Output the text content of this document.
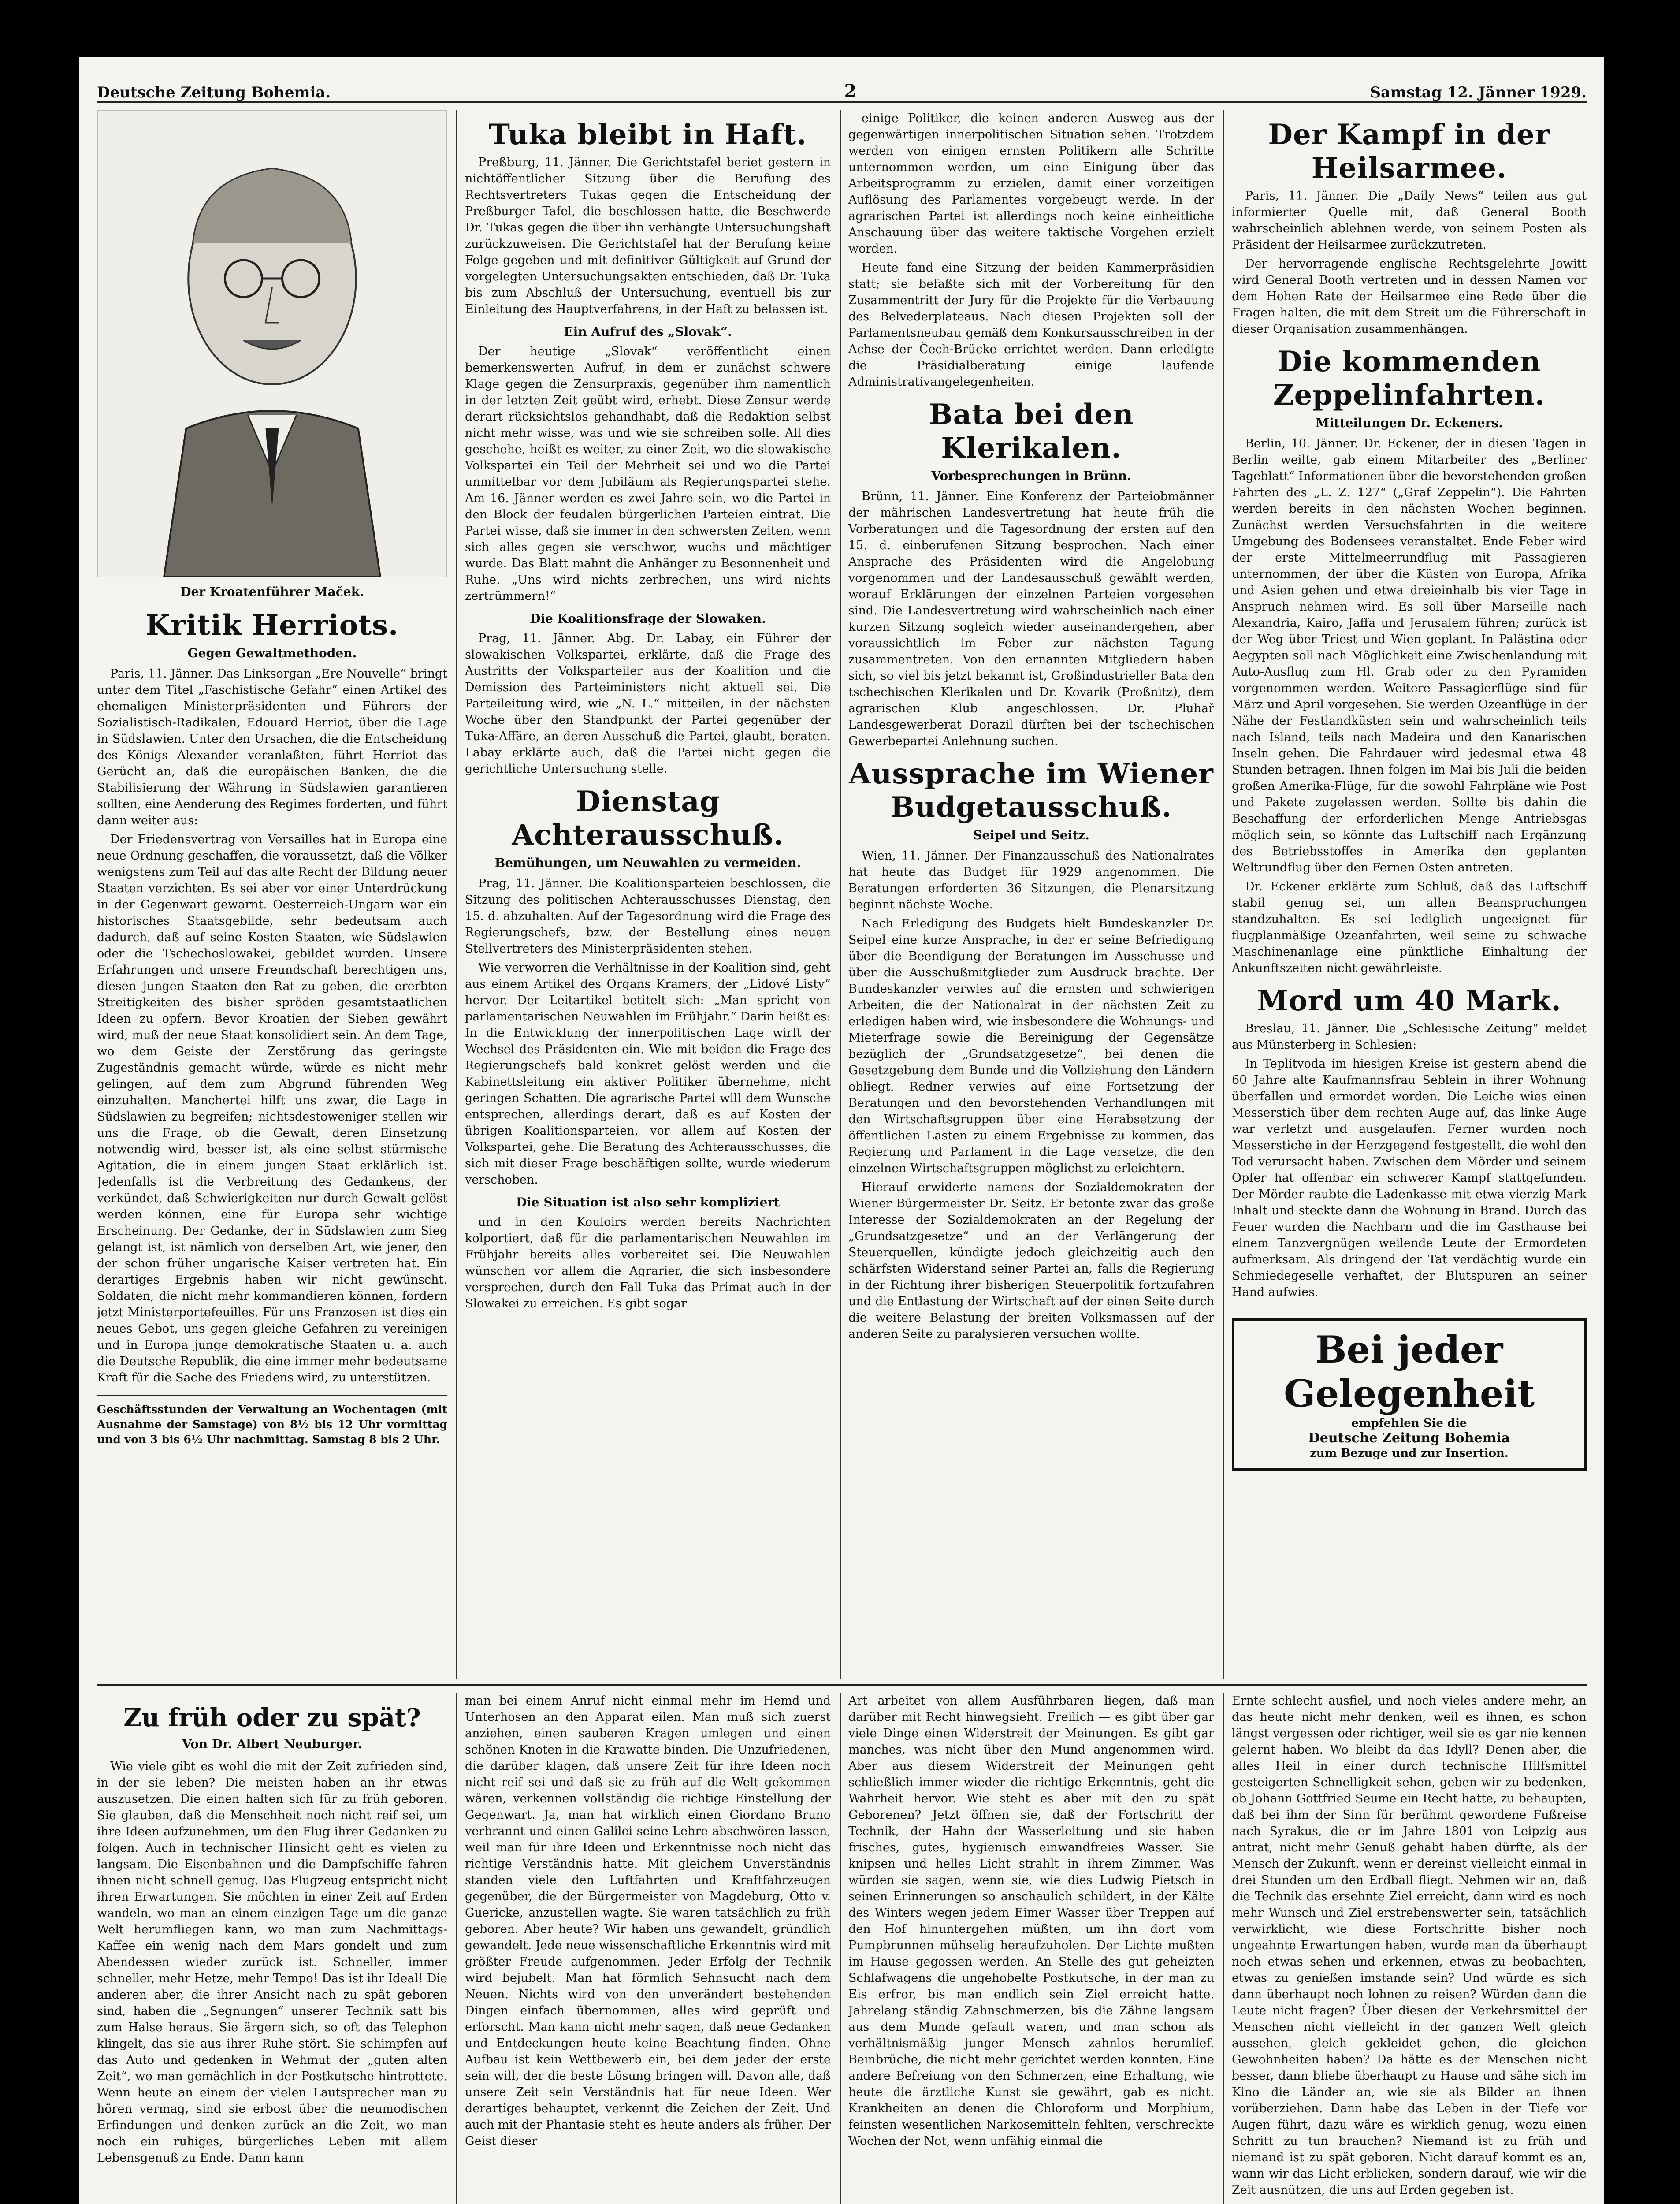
Deutsche Zeitung Bohemia.	2	Samstag 12. Jänner 1929.
Der Kroatenführer Maček.
Kritik Herriots.
Gegen Gewaltmethoden.

Paris, 11. Jänner. Das Linksorgan „Ere Nouvelle“ bringt unter dem Titel „Faschistische Gefahr“ einen Artikel des ehemaligen Ministerpräsidenten und Führers der Sozialistisch-Radikalen, Edouard Herriot, über die Lage in Südslawien. Unter den Ursachen, die die Entscheidung des Königs Alexander veranlaßten, führt Herriot das Gerücht an, daß die europäischen Banken, die die Stabilisierung der Währung in Südslawien garantieren sollten, eine Aenderung des Regimes forderten, und führt dann weiter aus:

Der Friedensvertrag von Versailles hat in Europa eine neue Ordnung geschaffen, die voraussetzt, daß die Völker wenigstens zum Teil auf das alte Recht der Bildung neuer Staaten verzichten. Es sei aber vor einer Unterdrückung in der Gegenwart gewarnt. Oesterreich-Ungarn war ein historisches Staatsgebilde, sehr bedeutsam auch dadurch, daß auf seine Kosten Staaten, wie Südslawien oder die Tschechoslowakei, gebildet wurden. Unsere Erfahrungen und unsere Freundschaft berechtigen uns, diesen jungen Staaten den Rat zu geben, die ererbten Streitigkeiten des bisher spröden gesamtstaatlichen Ideen zu opfern. Bevor Kroatien der Sieben gewährt wird, muß der neue Staat konsolidiert sein. An dem Tage, wo dem Geiste der Zerstörung das geringste Zugeständnis gemacht würde, würde es nicht mehr gelingen, auf dem zum Abgrund führenden Weg einzuhalten. Manchertei hilft uns zwar, die Lage in Südslawien zu begreifen; nichtsdestoweniger stellen wir uns die Frage, ob die Gewalt, deren Einsetzung notwendig wird, besser ist, als eine selbst stürmische Agitation, die in einem jungen Staat erklärlich ist. Jedenfalls ist die Verbreitung des Gedankens, der verkündet, daß Schwierigkeiten nur durch Gewalt gelöst werden können, eine für Europa sehr wichtige Erscheinung. Der Gedanke, der in Südslawien zum Sieg gelangt ist, ist nämlich von derselben Art, wie jener, den der schon früher ungarische Kaiser vertreten hat. Ein derartiges Ergebnis haben wir nicht gewünscht. Soldaten, die nicht mehr kommandieren können, fordern jetzt Ministerportefeuilles. Für uns Franzosen ist dies ein neues Gebot, uns gegen gleiche Gefahren zu vereinigen und in Europa junge demokratische Staaten u. a. auch die Deutsche Republik, die eine immer mehr bedeutsame Kraft für die Sache des Friedens wird, zu unterstützen.

Geschäftsstunden der Verwaltung an Wochentagen (mit Ausnahme der Samstage) von 8½ bis 12 Uhr vormittag und von 3 bis 6½ Uhr nachmittag. Samstag 8 bis 2 Uhr.
Tuka bleibt in Haft.

Preßburg, 11. Jänner. Die Gerichtstafel beriet gestern in nichtöffentlicher Sitzung über die Berufung des Rechtsvertreters Tukas gegen die Entscheidung der Preßburger Tafel, die beschlossen hatte, die Beschwerde Dr. Tukas gegen die über ihn verhängte Untersuchungshaft zurückzuweisen. Die Gerichtstafel hat der Berufung keine Folge gegeben und mit definitiver Gültigkeit auf Grund der vorgelegten Untersuchungsakten entschieden, daß Dr. Tuka bis zum Abschluß der Untersuchung, eventuell bis zur Einleitung des Hauptverfahrens, in der Haft zu belassen ist.

Ein Aufruf des „Slovak“.

Der heutige „Slovak“ veröffentlicht einen bemerkenswerten Aufruf, in dem er zunächst schwere Klage gegen die Zensurpraxis, gegenüber ihm namentlich in der letzten Zeit geübt wird, erhebt. Diese Zensur werde derart rücksichtslos gehandhabt, daß die Redaktion selbst nicht mehr wisse, was und wie sie schreiben solle. All dies geschehe, heißt es weiter, zu einer Zeit, wo die slowakische Volkspartei ein Teil der Mehrheit sei und wo die Partei unmittelbar vor dem Jubiläum als Regierungspartei stehe. Am 16. Jänner werden es zwei Jahre sein, wo die Partei in den Block der feudalen bürgerlichen Parteien eintrat. Die Partei wisse, daß sie immer in den schwersten Zeiten, wenn sich alles gegen sie verschwor, wuchs und mächtiger wurde. Das Blatt mahnt die Anhänger zu Besonnenheit und Ruhe. „Uns wird nichts zerbrechen, uns wird nichts zertrümmern!“

Die Koalitionsfrage der Slowaken.

Prag, 11. Jänner. Abg. Dr. Labay, ein Führer der slowakischen Volkspartei, erklärte, daß die Frage des Austritts der Volksparteiler aus der Koalition und die Demission des Parteiministers nicht aktuell sei. Die Parteileitung wird, wie „N. L.“ mitteilen, in der nächsten Woche über den Standpunkt der Partei gegenüber der Tuka-Affäre, an deren Ausschuß die Partei, glaubt, beraten. Labay erklärte auch, daß die Partei nicht gegen die gerichtliche Untersuchung stelle.

Dienstag Achterausschuß.
Bemühungen, um Neuwahlen zu vermeiden.

Prag, 11. Jänner. Die Koalitionsparteien beschlossen, die Sitzung des politischen Achterausschusses Dienstag, den 15. d. abzuhalten. Auf der Tagesordnung wird die Frage des Regierungschefs, bzw. der Bestellung eines neuen Stellvertreters des Ministerpräsidenten stehen.

Wie verworren die Verhältnisse in der Koalition sind, geht aus einem Artikel des Organs Kramers, der „Lidové Listy“ hervor. Der Leitartikel betitelt sich: „Man spricht von parlamentarischen Neuwahlen im Frühjahr.“ Darin heißt es: In die Entwicklung der innerpolitischen Lage wirft der Wechsel des Präsidenten ein. Wie mit beiden die Frage des Regierungschefs bald konkret gelöst werden und die Kabinettsleitung ein aktiver Politiker übernehme, nicht geringen Schatten. Die agrarische Partei will dem Wunsche entsprechen, allerdings derart, daß es auf Kosten der übrigen Koalitionsparteien, vor allem auf Kosten der Volkspartei, gehe. Die Beratung des Achterausschusses, die sich mit dieser Frage beschäftigen sollte, wurde wiederum verschoben.

Die Situation ist also sehr kompliziert

und in den Kouloirs werden bereits Nachrichten kolportiert, daß für die parlamentarischen Neuwahlen im Frühjahr bereits alles vorbereitet sei. Die Neuwahlen wünschen vor allem die Agrarier, die sich insbesondere versprechen, durch den Fall Tuka das Primat auch in der Slowakei zu erreichen. Es gibt sogar

einige Politiker, die keinen anderen Ausweg aus der gegenwärtigen innerpolitischen Situation sehen. Trotzdem werden von einigen ernsten Politikern alle Schritte unternommen werden, um eine Einigung über das Arbeitsprogramm zu erzielen, damit einer vorzeitigen Auflösung des Parlamentes vorgebeugt werde. In der agrarischen Partei ist allerdings noch keine einheitliche Anschauung über das weitere taktische Vorgehen erzielt worden.

Heute fand eine Sitzung der beiden Kammerpräsidien statt; sie befaßte sich mit der Vorbereitung für den Zusammentritt der Jury für die Projekte für die Verbauung des Belvederplateaus. Nach diesen Projekten soll der Parlamentsneubau gemäß dem Konkursausschreiben in der Achse der Čech-Brücke errichtet werden. Dann erledigte die Präsidialberatung einige laufende Administrativangelegenheiten.

Bata bei den Klerikalen.
Vorbesprechungen in Brünn.

Brünn, 11. Jänner. Eine Konferenz der Parteiobmänner der mährischen Landesvertretung hat heute früh die Vorberatungen und die Tagesordnung der ersten auf den 15. d. einberufenen Sitzung besprochen. Nach einer Ansprache des Präsidenten wird die Angelobung vorgenommen und der Landesausschuß gewählt werden, worauf Erklärungen der einzelnen Parteien vorgesehen sind. Die Landesvertretung wird wahrscheinlich nach einer kurzen Sitzung sogleich wieder auseinandergehen, aber voraussichtlich im Feber zur nächsten Tagung zusammentreten. Von den ernannten Mitgliedern haben sich, so viel bis jetzt bekannt ist, Großindustrieller Bata den tschechischen Klerikalen und Dr. Kovarik (Proßnitz), dem agrarischen Klub angeschlossen. Dr. Pluhař Landesgewerberat Dorazil dürften bei der tschechischen Gewerbepartei Anlehnung suchen.

Aussprache im Wiener Budgetausschuß.
Seipel und Seitz.

Wien, 11. Jänner. Der Finanzausschuß des Nationalrates hat heute das Budget für 1929 angenommen. Die Beratungen erforderten 36 Sitzungen, die Plenarsitzung beginnt nächste Woche.

Nach Erledigung des Budgets hielt Bundeskanzler Dr. Seipel eine kurze Ansprache, in der er seine Befriedigung über die Beendigung der Beratungen im Ausschusse und über die Ausschußmitglieder zum Ausdruck brachte. Der Bundeskanzler verwies auf die ernsten und schwierigen Arbeiten, die der Nationalrat in der nächsten Zeit zu erledigen haben wird, wie insbesondere die Wohnungs- und Mieterfrage sowie die Bereinigung der Gegensätze bezüglich der „Grundsatzgesetze“, bei denen die Gesetzgebung dem Bunde und die Vollziehung den Ländern obliegt. Redner verwies auf eine Fortsetzung der Beratungen und den bevorstehenden Verhandlungen mit den Wirtschaftsgruppen über eine Herabsetzung der öffentlichen Lasten zu einem Ergebnisse zu kommen, das Regierung und Parlament in die Lage versetze, die den einzelnen Wirtschaftsgruppen möglichst zu erleichtern.

Hierauf erwiderte namens der Sozialdemokraten der Wiener Bürgermeister Dr. Seitz. Er betonte zwar das große Interesse der Sozialdemokraten an der Regelung der „Grundsatzgesetze“ und an der Verlängerung der Steuerquellen, kündigte jedoch gleichzeitig auch den schärfsten Widerstand seiner Partei an, falls die Regierung in der Richtung ihrer bisherigen Steuerpolitik fortzufahren und die Entlastung der Wirtschaft auf der einen Seite durch die weitere Belastung der breiten Volksmassen auf der anderen Seite zu paralysieren versuchen wollte.

Der Kampf in der Heilsarmee.

Paris, 11. Jänner. Die „Daily News“ teilen aus gut informierter Quelle mit, daß General Booth wahrscheinlich ablehnen werde, von seinem Posten als Präsident der Heilsarmee zurückzutreten.

Der hervorragende englische Rechtsgelehrte Jowitt wird General Booth vertreten und in dessen Namen vor dem Hohen Rate der Heilsarmee eine Rede über die Fragen halten, die mit dem Streit um die Führerschaft in dieser Organisation zusammenhängen.

Die kommenden Zeppelinfahrten.
Mitteilungen Dr. Eckeners.

Berlin, 10. Jänner. Dr. Eckener, der in diesen Tagen in Berlin weilte, gab einem Mitarbeiter des „Berliner Tageblatt“ Informationen über die bevorstehenden großen Fahrten des „L. Z. 127“ („Graf Zeppelin“). Die Fahrten werden bereits in den nächsten Wochen beginnen. Zunächst werden Versuchsfahrten in die weitere Umgebung des Bodensees veranstaltet. Ende Feber wird der erste Mittelmeerrundflug mit Passagieren unternommen, der über die Küsten von Europa, Afrika und Asien gehen und etwa dreieinhalb bis vier Tage in Anspruch nehmen wird. Es soll über Marseille nach Alexandria, Kairo, Jaffa und Jerusalem führen; zurück ist der Weg über Triest und Wien geplant. In Palästina oder Aegypten soll nach Möglichkeit eine Zwischenlandung mit Auto-Ausflug zum Hl. Grab oder zu den Pyramiden vorgenommen werden. Weitere Passagierflüge sind für März und April vorgesehen. Sie werden Ozeanflüge in der Nähe der Festlandküsten sein und wahrscheinlich teils nach Island, teils nach Madeira und den Kanarischen Inseln gehen. Die Fahrdauer wird jedesmal etwa 48 Stunden betragen. Ihnen folgen im Mai bis Juli die beiden großen Amerika-Flüge, für die sowohl Fahrpläne wie Post und Pakete zugelassen werden. Sollte bis dahin die Beschaffung der erforderlichen Menge Antriebsgas möglich sein, so könnte das Luftschiff nach Ergänzung des Betriebsstoffes in Amerika den geplanten Weltrundflug über den Fernen Osten antreten.

Dr. Eckener erklärte zum Schluß, daß das Luftschiff stabil genug sei, um allen Beanspruchungen standzuhalten. Es sei lediglich ungeeignet für flugplanmäßige Ozeanfahrten, weil seine zu schwache Maschinenanlage eine pünktliche Einhaltung der Ankunftszeiten nicht gewährleiste.

Mord um 40 Mark.

Breslau, 11. Jänner. Die „Schlesische Zeitung“ meldet aus Münsterberg in Schlesien:

In Teplitvoda im hiesigen Kreise ist gestern abend die 60 Jahre alte Kaufmannsfrau Seblein in ihrer Wohnung überfallen und ermordet worden. Die Leiche wies einen Messerstich über dem rechten Auge auf, das linke Auge war verletzt und ausgelaufen. Ferner wurden noch Messerstiche in der Herzgegend festgestellt, die wohl den Tod verursacht haben. Zwischen dem Mörder und seinem Opfer hat offenbar ein schwerer Kampf stattgefunden. Der Mörder raubte die Ladenkasse mit etwa vierzig Mark Inhalt und steckte dann die Wohnung in Brand. Durch das Feuer wurden die Nachbarn und die im Gasthause bei einem Tanzvergnügen weilende Leute der Ermordeten aufmerksam. Als dringend der Tat verdächtig wurde ein Schmiedegeselle verhaftet, der Blutspuren an seiner Hand aufwies.

Bei jeder Gelegenheit
empfehlen Sie die
Deutsche Zeitung Bohemia
zum Bezuge und zur Insertion.
Zu früh oder zu spät?
Von Dr. Albert Neuburger.

Wie viele gibt es wohl die mit der Zeit zufrieden sind, in der sie leben? Die meisten haben an ihr etwas auszusetzen. Die einen halten sich für zu früh geboren. Sie glauben, daß die Menschheit noch nicht reif sei, um ihre Ideen aufzunehmen, um den Flug ihrer Gedanken zu folgen. Auch in technischer Hinsicht geht es vielen zu langsam. Die Eisenbahnen und die Dampfschiffe fahren ihnen nicht schnell genug. Das Flugzeug entspricht nicht ihren Erwartungen. Sie möchten in einer Zeit auf Erden wandeln, wo man an einem einzigen Tage um die ganze Welt herumfliegen kann, wo man zum Nachmittags-Kaffee ein wenig nach dem Mars gondelt und zum Abendessen wieder zurück ist. Schneller, immer schneller, mehr Hetze, mehr Tempo! Das ist ihr Ideal! Die anderen aber, die ihrer Ansicht nach zu spät geboren sind, haben die „Segnungen“ unserer Technik satt bis zum Halse heraus. Sie ärgern sich, so oft das Telephon klingelt, das sie aus ihrer Ruhe stört. Sie schimpfen auf das Auto und gedenken in Wehmut der „guten alten Zeit“, wo man gemächlich in der Postkutsche hintrottete. Wenn heute an einem der vielen Lautsprecher man zu hören vermag, sind sie erbost über die neumodischen Erfindungen und denken zurück an die Zeit, wo man noch ein ruhiges, bürgerliches Leben mit allem Lebensgenuß zu Ende. Dann kann

man bei einem Anruf nicht einmal mehr im Hemd und Unterhosen an den Apparat eilen. Man muß sich zuerst anziehen, einen sauberen Kragen umlegen und einen schönen Knoten in die Krawatte binden. Die Unzufriedenen, die darüber klagen, daß unsere Zeit für ihre Ideen noch nicht reif sei und daß sie zu früh auf die Welt gekommen wären, verkennen vollständig die richtige Einstellung der Gegenwart. Ja, man hat wirklich einen Giordano Bruno verbrannt und einen Galilei seine Lehre abschwören lassen, weil man für ihre Ideen und Erkenntnisse noch nicht das richtige Verständnis hatte. Mit gleichem Unverständnis standen viele den Luftfahrten und Kraftfahrzeugen gegenüber, die der Bürgermeister von Magdeburg, Otto v. Guericke, anzustellen wagte. Sie waren tatsächlich zu früh geboren. Aber heute? Wir haben uns gewandelt, gründlich gewandelt. Jede neue wissenschaftliche Erkenntnis wird mit größter Freude aufgenommen. Jeder Erfolg der Technik wird bejubelt. Man hat förmlich Sehnsucht nach dem Neuen. Nichts wird von den unverändert bestehenden Dingen einfach übernommen, alles wird geprüft und erforscht. Man kann nicht mehr sagen, daß neue Gedanken und Entdeckungen heute keine Beachtung finden. Ohne Aufbau ist kein Wettbewerb ein, bei dem jeder der erste sein will, der die beste Lösung bringen will. Davon alle, daß unsere Zeit sein Verständnis hat für neue Ideen. Wer derartiges behauptet, verkennt die Zeichen der Zeit. Und auch mit der Phantasie steht es heute anders als früher. Der Geist dieser

Art arbeitet von allem Ausführbaren liegen, daß man darüber mit Recht hinwegsieht. Freilich — es gibt über gar viele Dinge einen Widerstreit der Meinungen. Es gibt gar manches, was nicht über den Mund angenommen wird. Aber aus diesem Widerstreit der Meinungen geht schließlich immer wieder die richtige Erkenntnis, geht die Wahrheit hervor. Wie steht es aber mit den zu spät Geborenen? Jetzt öffnen sie, daß der Fortschritt der Technik, der Hahn der Wasserleitung und sie haben frisches, gutes, hygienisch einwandfreies Wasser. Sie knipsen und helles Licht strahlt in ihrem Zimmer. Was würden sie sagen, wenn sie, wie dies Ludwig Pietsch in seinen Erinnerungen so anschaulich schildert, in der Kälte des Winters wegen jedem Eimer Wasser über Treppen auf den Hof hinuntergehen müßten, um ihn dort vom Pumpbrunnen mühselig heraufzuholen. Der Lichte mußten im Hause gegossen werden. An Stelle des gut geheizten Schlafwagens die ungehobelte Postkutsche, in der man zu Eis erfror, bis man endlich sein Ziel erreicht hatte. Jahrelang ständig Zahnschmerzen, bis die Zähne langsam aus dem Munde gefault waren, und man schon als verhältnismäßig junger Mensch zahnlos herumlief. Beinbrüche, die nicht mehr gerichtet werden konnten. Eine andere Befreiung von den Schmerzen, eine Erhaltung, wie heute die ärztliche Kunst sie gewährt, gab es nicht. Krankheiten an denen die Chloroform und Morphium, feinsten wesentlichen Narkosemitteln fehlten, verschreckte Wochen der Not, wenn unfähig einmal die

Ernte schlecht ausfiel, und noch vieles andere mehr, an das heute nicht mehr denken, weil es ihnen, es schon längst vergessen oder richtiger, weil sie es gar nie kennen gelernt haben. Wo bleibt da das Idyll? Denen aber, die alles Heil in einer durch technische Hilfsmittel gesteigerten Schnelligkeit sehen, geben wir zu bedenken, ob Johann Gottfried Seume ein Recht hatte, zu behaupten, daß bei ihm der Sinn für berühmt gewordene Fußreise nach Syrakus, die er im Jahre 1801 von Leipzig aus antrat, nicht mehr Genuß gehabt haben dürfte, als der Mensch der Zukunft, wenn er dereinst vielleicht einmal in drei Stunden um den Erdball fliegt. Nehmen wir an, daß die Technik das ersehnte Ziel erreicht, dann wird es noch mehr Wunsch und Ziel erstrebenswerter sein, tatsächlich verwirklicht, wie diese Fortschritte bisher noch ungeahnte Erwartungen haben, wurde man da überhaupt noch etwas sehen und erkennen, etwas zu beobachten, etwas zu genießen imstande sein? Und würde es sich dann überhaupt noch lohnen zu reisen? Würden dann die Leute nicht fragen? Über diesen der Verkehrsmittel der Menschen nicht vielleicht in der ganzen Welt gleich aussehen, gleich gekleidet gehen, die gleichen Gewohnheiten haben? Da hätte es der Menschen nicht besser, dann bliebe überhaupt zu Hause und sähe sich im Kino die Länder an, wie sie als Bilder an ihnen vorüberziehen. Dann habe das Leben in der Tiefe vor Augen führt, dazu wäre es wirklich genug, wozu einen Schritt zu tun brauchen? Niemand ist zu früh und niemand ist zu spät geboren. Nicht darauf kommt es an, wann wir das Licht erblicken, sondern darauf, wie wir die Zeit ausnützen, die uns auf Erden gegeben ist.
